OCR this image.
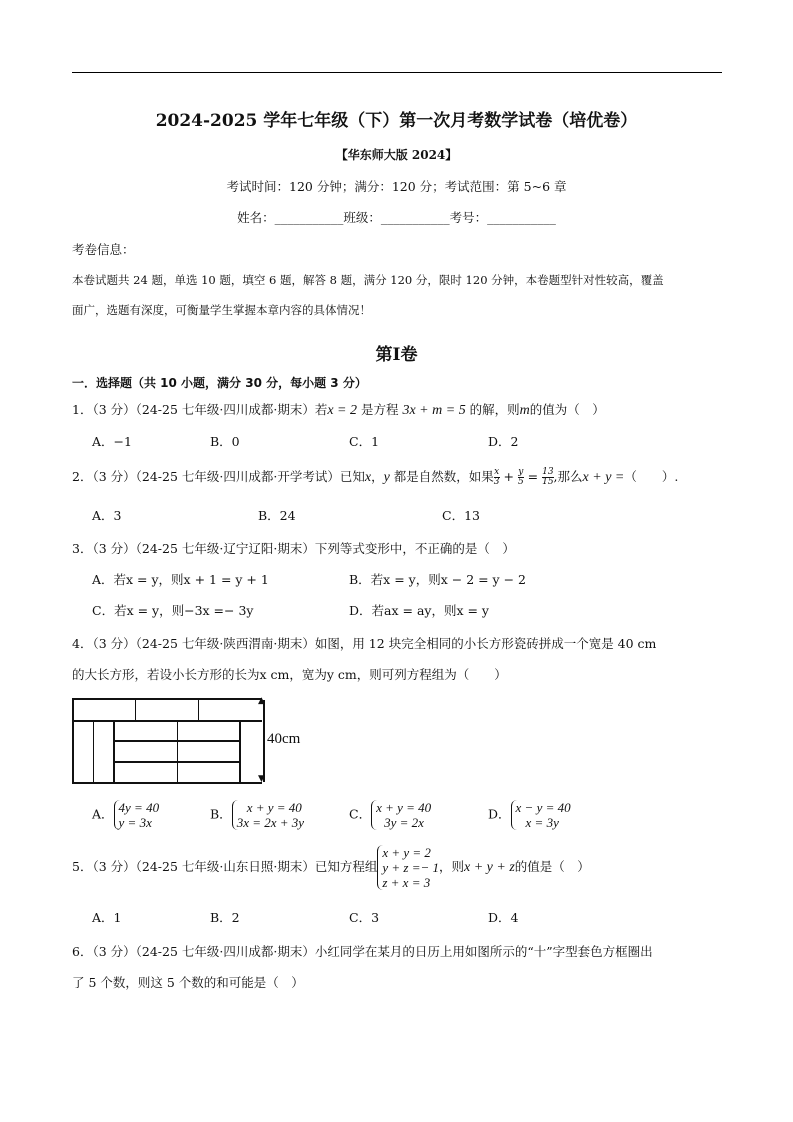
2024-2025 学年七年级（下）第一次月考数学试卷（培优卷）
【华东师大版 2024】
考试时间：120 分钟；满分：120 分；考试范围：第 5~6 章
姓名：___________班级：___________考号：___________
考卷信息：
本卷试题共 24 题，单选 10 题，填空 6 题，解答 8 题，满分 120 分，限时 120 分钟，本卷题型针对性较高，覆盖
面广，选题有深度，可衡量学生掌握本章内容的具体情况！
第Ⅰ卷
一．选择题（共 10 小题，满分 30 分，每小题 3 分）
1．（3 分）（24-25 七年级·四川成都·期末）若x = 2 是方程 3x + m = 5 的解，则m的值为（　）
A．−1	B．0	C．1	D．2
2．（3 分）（24-25 七年级·四川成都·开学考试）已知x，y 都是自然数，如果 $\frac{x}{3} + \frac{y}{5} = \frac{13}{15}$ ,那么x + y =（　　）.
A．3	B．24	C．13
3．（3 分）（24-25 七年级·辽宁辽阳·期末）下列等式变形中，不正确的是（　）
A．若x = y，则x + 1 = y + 1	B．若x = y，则x − 2 = y − 2
C．若x = y，则−3x =− 3y	D．若ax = ay，则x = y
4．（3 分）（24-25 七年级·陕西渭南·期末）如图，用 12 块完全相同的小长方形瓷砖拼成一个宽是 40 cm
的大长方形，若设小长方形的长为x cm，宽为y cm，则可列方程组为（　　）
▲
▼
40cm
A． 4y = 40
y = 3x
B．	x + y = 40
3x = 2x + 3y
C． x + y = 40
3y = 2x
D． x − y = 40
x = 3y
5．（3 分）（24-25 七年级·山东日照·期末）已知方程组
x + y = 2
y + z =− 1
z + x = 3
，则x + y + z的值是（　）
A．1	B．2	C．3	D．4
6．（3 分）（24-25 七年级·四川成都·期末）小红同学在某月的日历上用如图所示的“十”字型套色方框圈出
了 5 个数，则这 5 个数的和可能是（　）
